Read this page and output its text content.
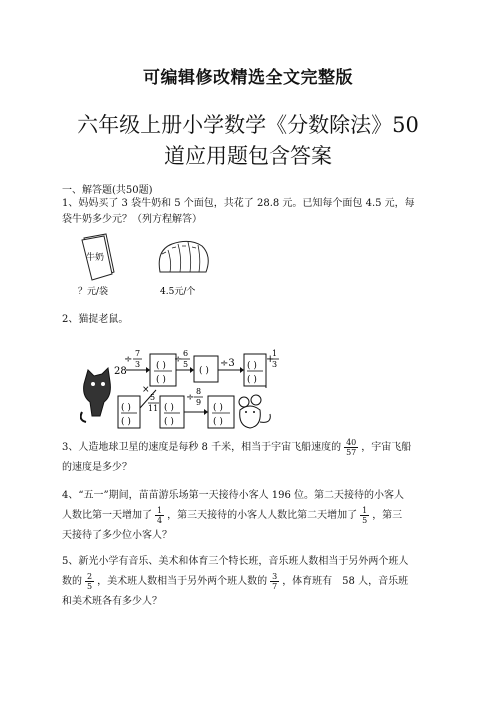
可编辑修改精选全文完整版
六年级上册小学数学《分数除法》50
道应用题包含答案
一、解答题(共50题)
1、妈妈买了 3 袋牛奶和 5 个面包，共花了 28.8 元。已知每个面包 4.5 元，每
袋牛奶多少元？（列方程解答）
牛奶
？元/袋	4.5元/个
2、猫捉老鼠。
28
÷
7
3 ( )
( )
÷
6
5
( )
÷3 ( )
( )
+
1
3
( )
( )
×
5
11 ( )
( )
÷
8
9
( )
( )
3、人造地球卫星的速度是每秒 8 千米，相当于宇宙飞船速度的 $\frac{40}{57}$ ，宇宙飞船
的速度是多少？
4、“五一”期间，苗苗游乐场第一天接待小客人 196 位。第二天接待的小客人
人数比第一天增加了 $\frac{1}{4}$ ，第三天接待的小客人人数比第二天增加了 $\frac{1}{5}$ ，第三
天接待了多少位小客人？
5、新光小学有音乐、美术和体育三个特长班，音乐班人数相当于另外两个班人
数的 $\frac{2}{5}$ ，美术班人数相当于另外两个班人数的 $\frac{3}{7}$ ，体育班有　58 人，音乐班
和美术班各有多少人？
